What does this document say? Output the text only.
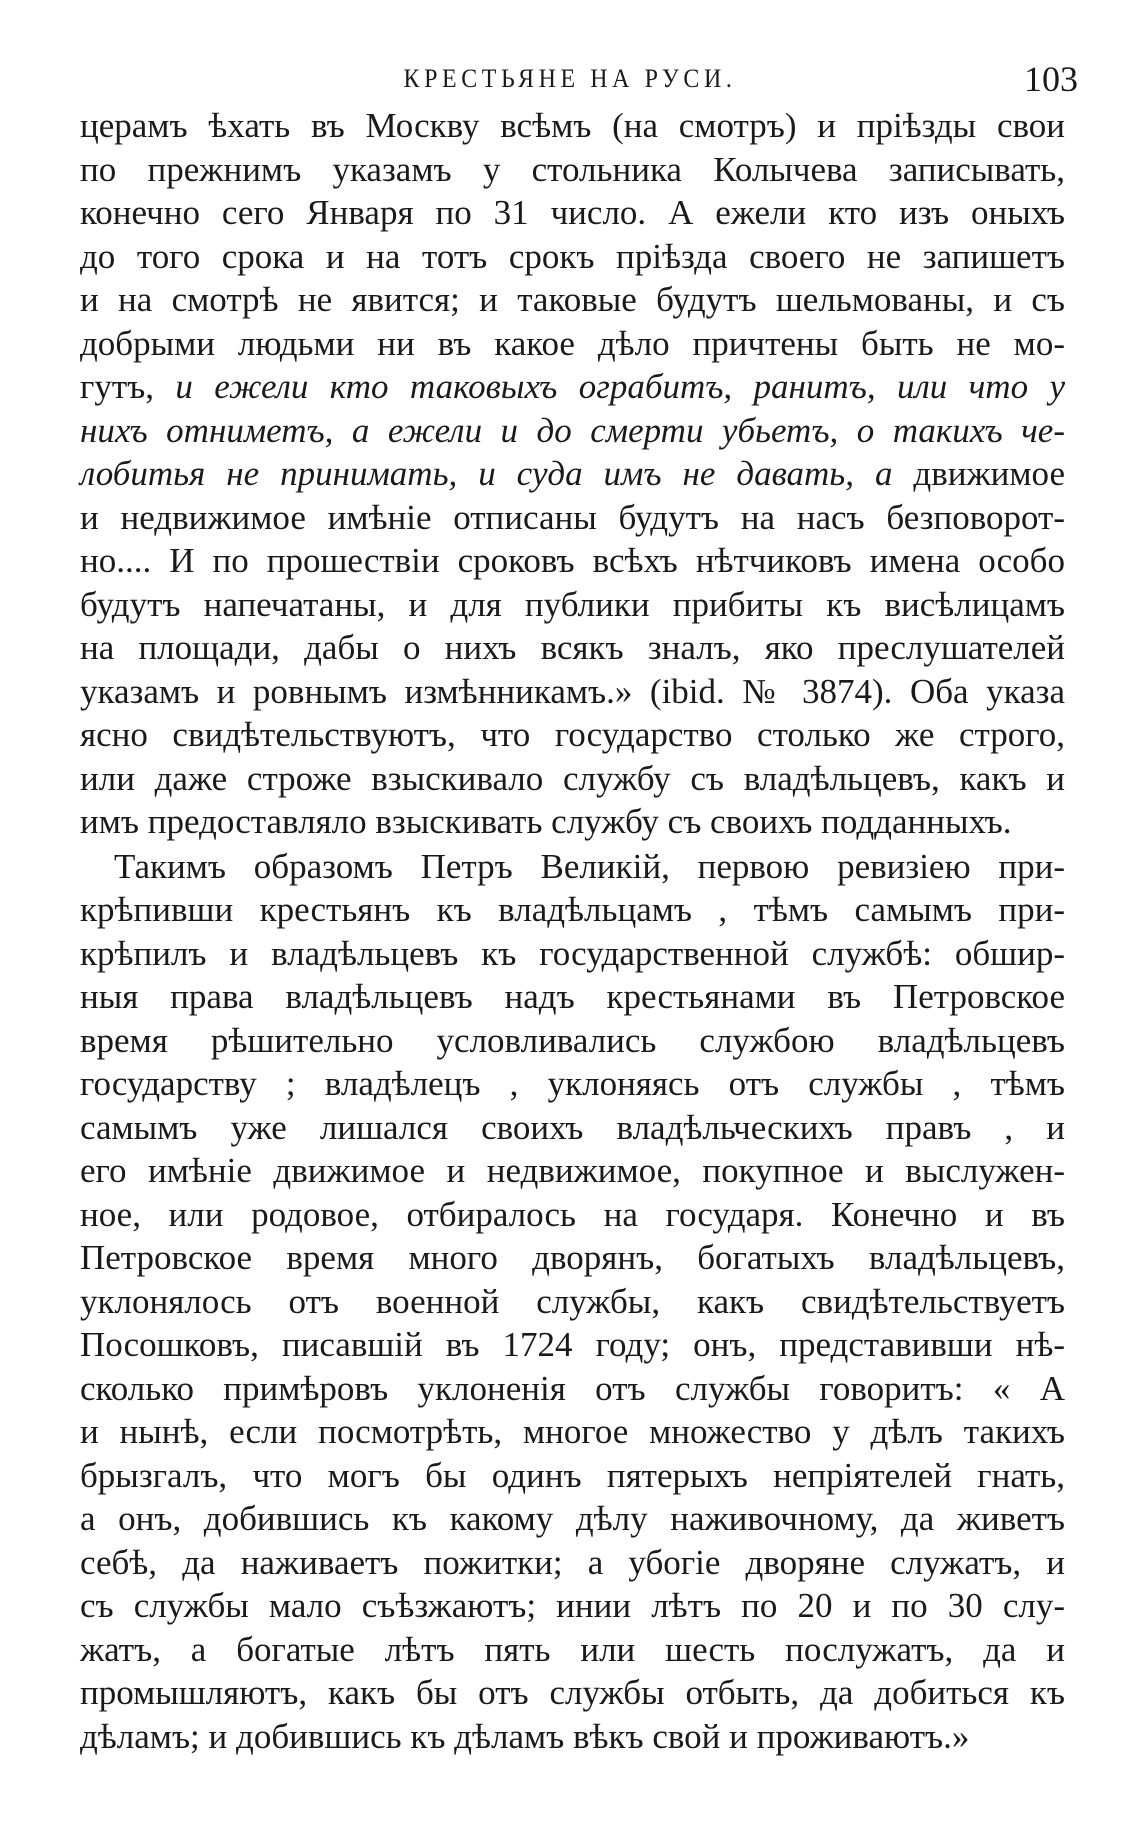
КРЕСТЬЯНЕ НА РУСИ.	103
церамъ ѣхать въ Москву всѣмъ (на смотръ) и пріѣзды свои
по прежнимъ указамъ у стольника Колычева записывать,
конечно сего Января по 31 число. А ежели кто изъ оныхъ
до того срока и на тотъ срокъ пріѣзда своего не запишетъ
и на смотрѣ не явится; и таковые будутъ шельмованы, и съ
добрыми людьми ни въ какое дѣло причтены быть не мо-
гутъ, и ежели кто таковыхъ ограбитъ, ранитъ, или что у
нихъ отниметъ, а ежели и до смерти убьетъ, о такихъ че-
лобитья не принимать, и суда имъ не давать, а движимое
и недвижимое имѣніе отписаны будутъ на насъ безповорот-
но.... И по прошествіи сроковъ всѣхъ нѣтчиковъ имена особо
будутъ напечатаны, и для публики прибиты къ висѣлицамъ
на площади, дабы о нихъ всякъ зналъ, яко преслушателей
указамъ и ровнымъ измѣнникамъ.» (ibid. № 3874). Оба указа
ясно свидѣтельствуютъ, что государство столько же строго,
или даже строже взыскивало службу съ владѣльцевъ, какъ и
имъ предоставляло взыскивать службу съ своихъ подданныхъ.
Такимъ образомъ Петръ Великій, первою ревизіею при-
крѣпивши крестьянъ къ владѣльцамъ , тѣмъ самымъ при-
крѣпилъ и владѣльцевъ къ государственной службѣ: обшир-
ныя права владѣльцевъ надъ крестьянами въ Петровское
время рѣшительно условливались службою владѣльцевъ
государству ; владѣлецъ , уклоняясь отъ службы , тѣмъ
самымъ уже лишался своихъ владѣльческихъ правъ , и
его имѣніе движимое и недвижимое, покупное и выслужен-
ное, или родовое, отбиралось на государя. Конечно и въ
Петровское время много дворянъ, богатыхъ владѣльцевъ,
уклонялось отъ военной службы, какъ свидѣтельствуетъ
Посошковъ, писавшій въ 1724 году; онъ, представивши нѣ-
сколько примѣровъ уклоненія отъ службы говоритъ: « А
и нынѣ, если посмотрѣть, многое множество у дѣлъ такихъ
брызгалъ, что могъ бы одинъ пятерыхъ непріятелей гнать,
а онъ, добившись къ какому дѣлу наживочному, да живетъ
себѣ, да наживаетъ пожитки; а убогіе дворяне служатъ, и
съ службы мало съѣзжаютъ; инии лѣтъ по 20 и по 30 слу-
жатъ, а богатые лѣтъ пять или шесть послужатъ, да и
промышляютъ, какъ бы отъ службы отбыть, да добиться къ
дѣламъ; и добившись къ дѣламъ вѣкъ свой и проживаютъ.»
